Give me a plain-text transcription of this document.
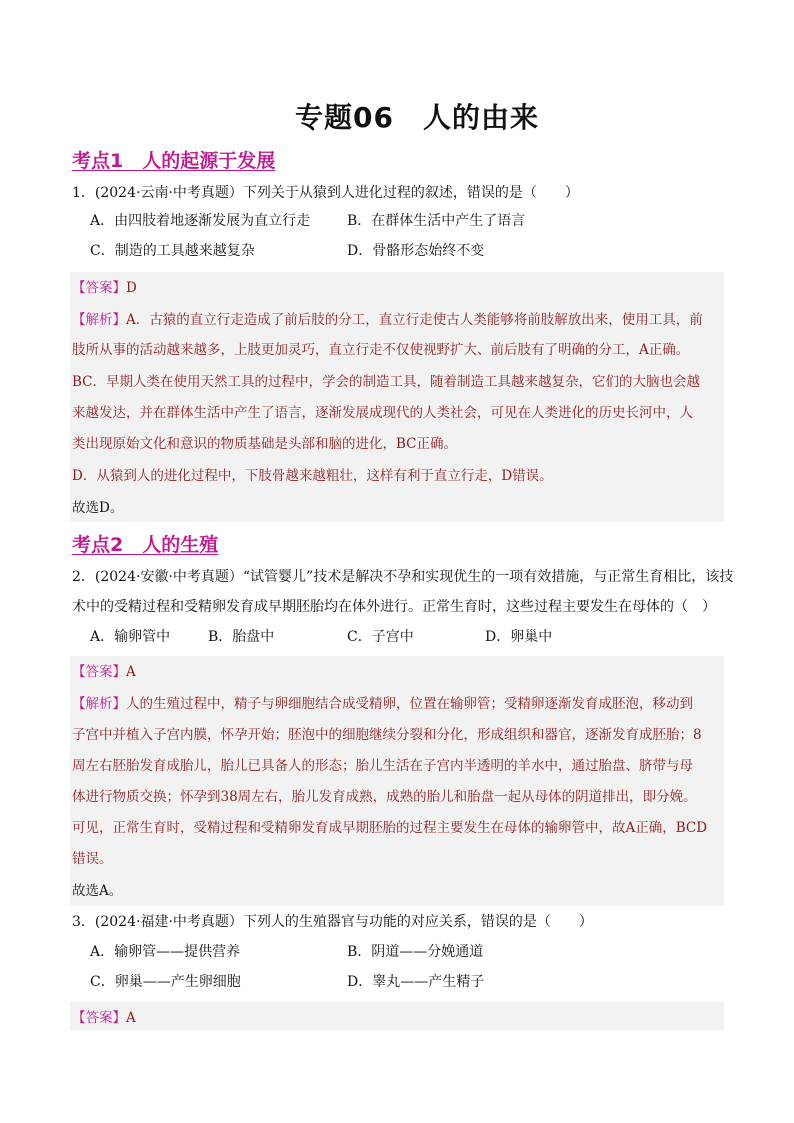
专题06　人的由来
考点1　人的起源于发展
1．(2024·云南·中考真题）下列关于从猿到人进化过程的叙述，错误的是（　　）
A．由四肢着地逐渐发展为直立行走	B．在群体生活中产生了语言
C．制造的工具越来越复杂	D．骨骼形态始终不变
【答案】D
【解析】A．古猿的直立行走造成了前后肢的分工，直立行走使古人类能够将前肢解放出来，使用工具，前
肢所从事的活动越来越多，上肢更加灵巧，直立行走不仅使视野扩大、前后肢有了明确的分工，A正确。
BC．早期人类在使用天然工具的过程中，学会的制造工具，随着制造工具越来越复杂，它们的大脑也会越
来越发达，并在群体生活中产生了语言，逐渐发展成现代的人类社会，可见在人类进化的历史长河中，人
类出现原始文化和意识的物质基础是头部和脑的进化，BC正确。
D．从猿到人的进化过程中，下肢骨越来越粗壮，这样有利于直立行走，D错误。
故选D。
考点2　人的生殖
2．(2024·安徽·中考真题）“试管婴儿”技术是解决不孕和实现优生的一项有效措施，与正常生育相比，该技
术中的受精过程和受精卵发育成早期胚胎均在体外进行。正常生育时，这些过程主要发生在母体的（　）
A．输卵管中	B．胎盘中	C．子宫中	D．卵巢中
【答案】A
【解析】人的生殖过程中，精子与卵细胞结合成受精卵，位置在输卵管；受精卵逐渐发育成胚泡，移动到
子宫中并植入子宫内膜，怀孕开始；胚泡中的细胞继续分裂和分化，形成组织和器官，逐渐发育成胚胎；8
周左右胚胎发育成胎儿，胎儿已具备人的形态；胎儿生活在子宫内半透明的羊水中，通过胎盘、脐带与母
体进行物质交换；怀孕到38周左右，胎儿发育成熟，成熟的胎儿和胎盘一起从母体的阴道排出，即分娩。
可见，正常生育时，受精过程和受精卵发育成早期胚胎的过程主要发生在母体的输卵管中，故A正确，BCD
错误。
故选A。
3．(2024·福建·中考真题）下列人的生殖器官与功能的对应关系，错误的是（　　）
A．输卵管——提供营养	B．阴道——分娩通道
C．卵巢——产生卵细胞	D．睾丸——产生精子
【答案】A
